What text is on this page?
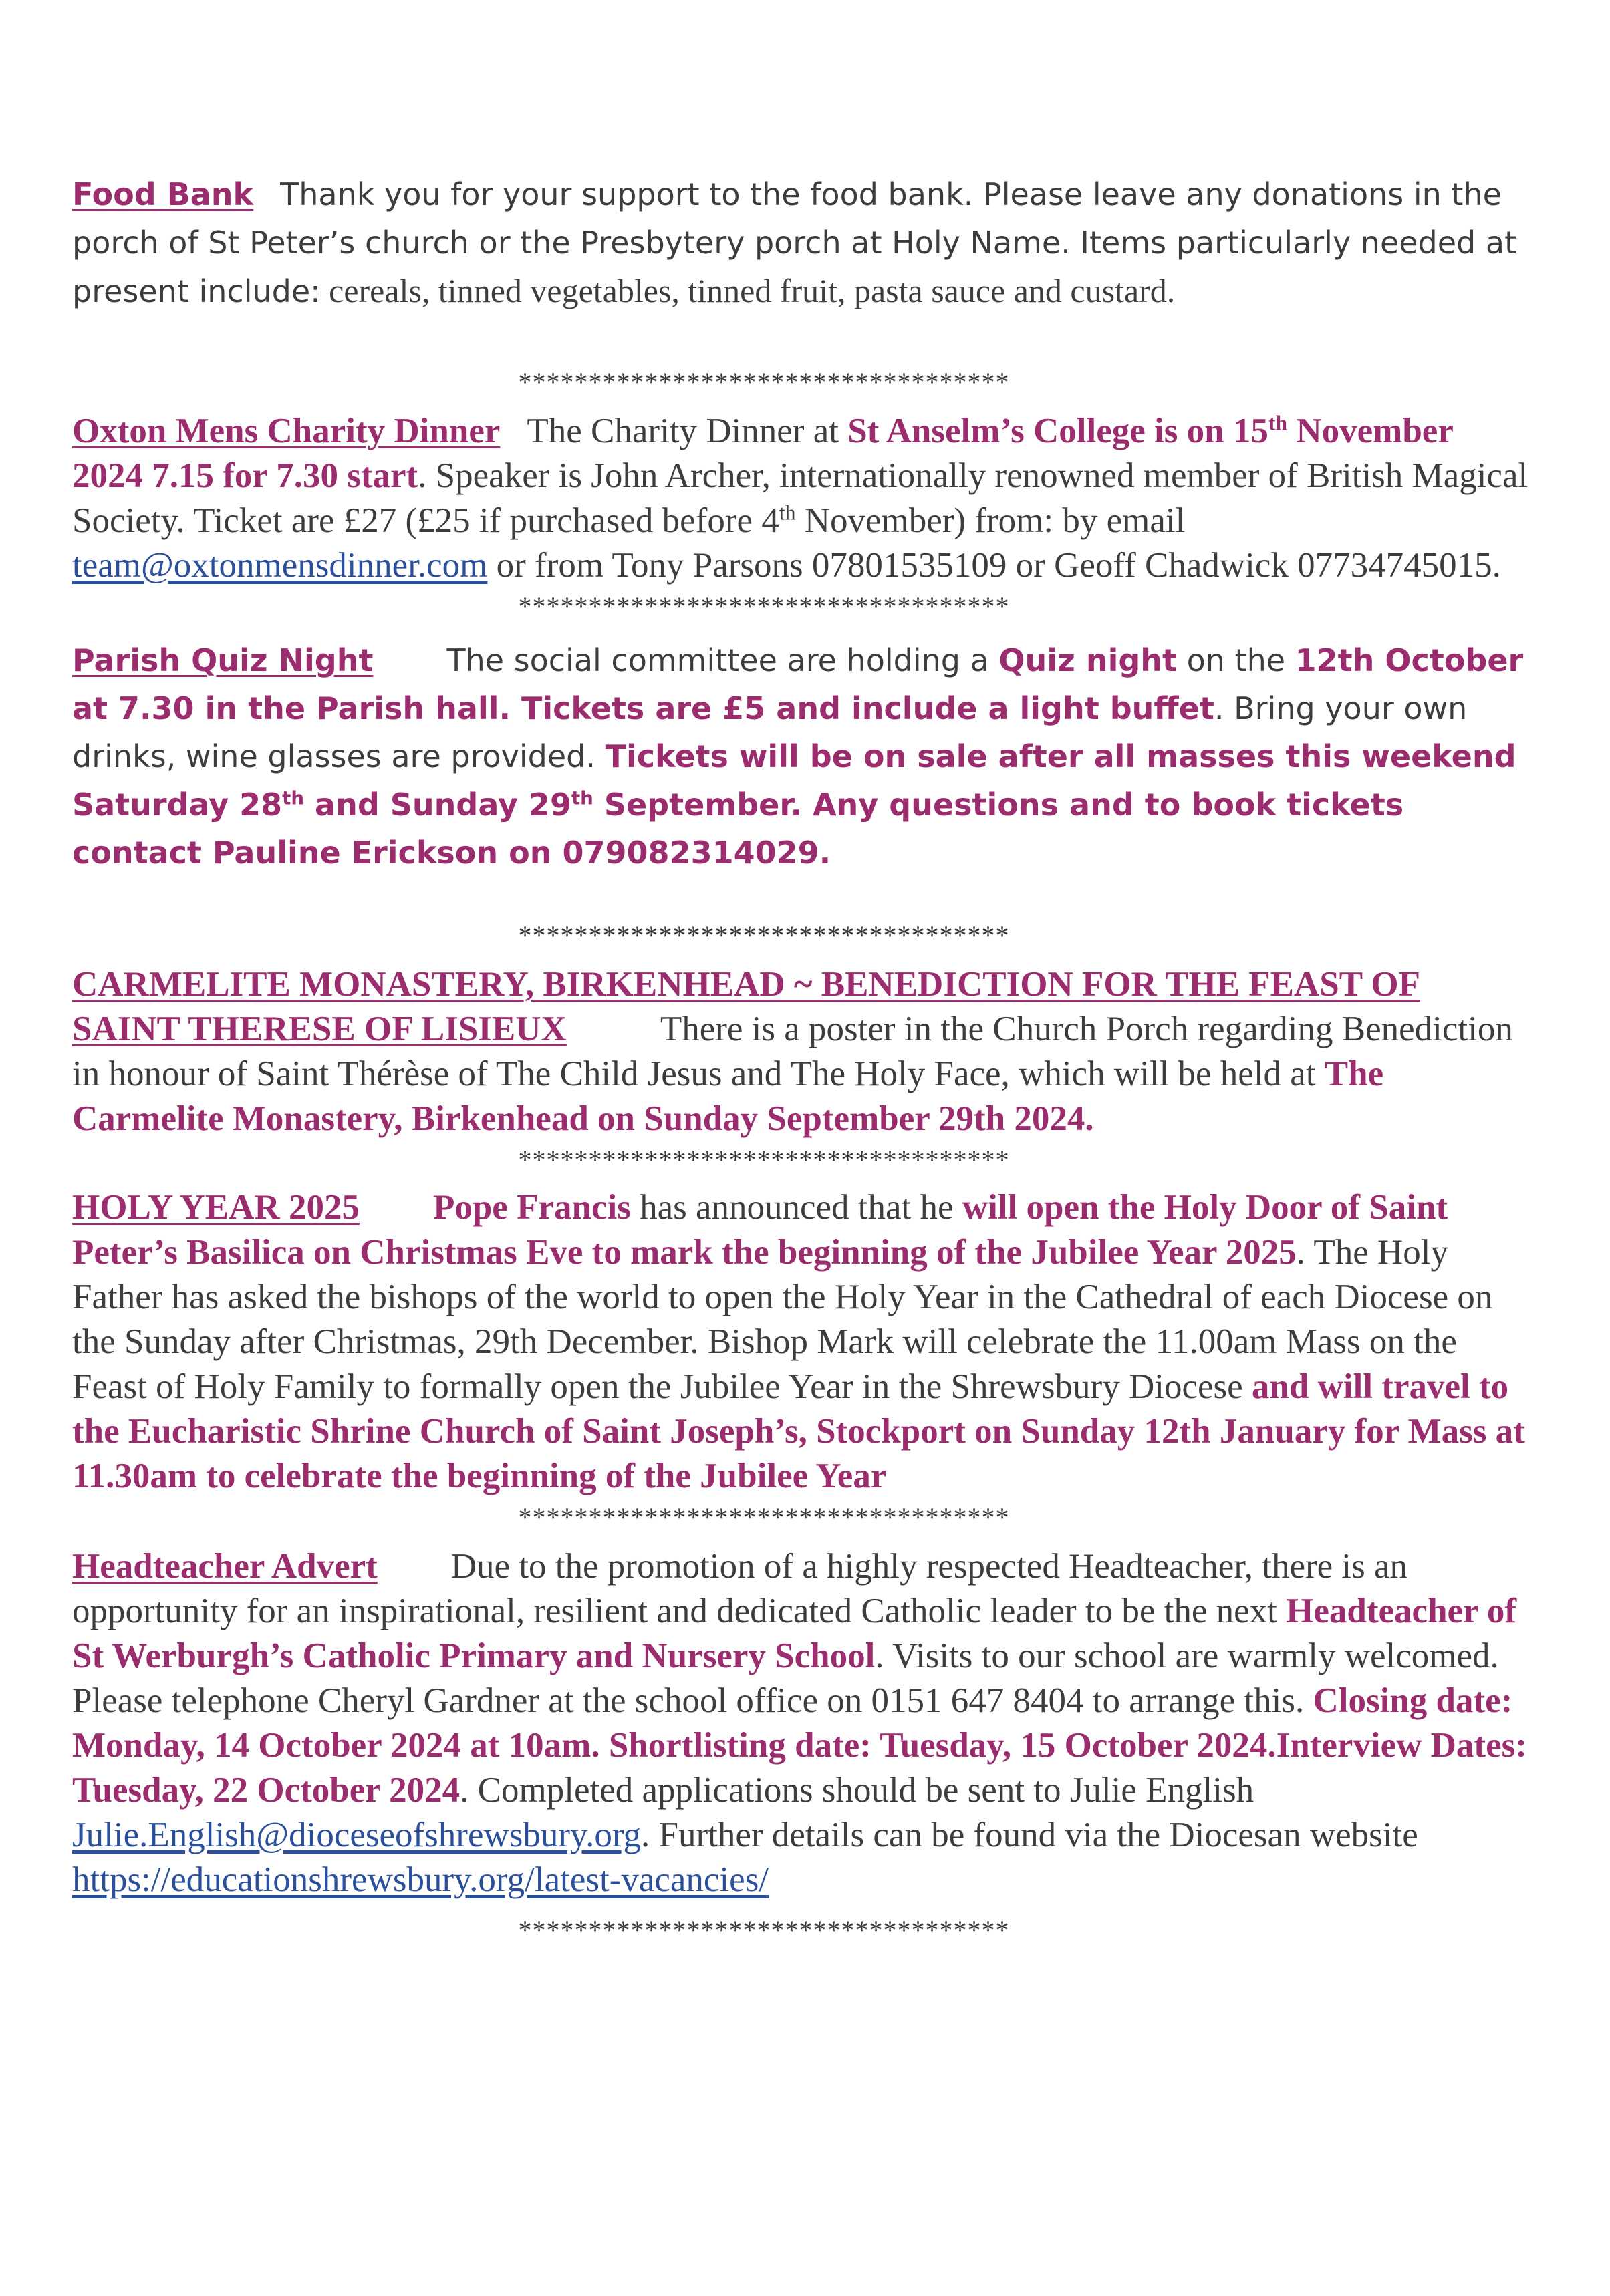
Food Bank Thank you for your support to the food bank. Please leave any donations in the porch of St Peter’s church or the Presbytery porch at Holy Name. Items particularly needed at present include: cereals, tinned vegetables, tinned fruit, pasta sauce and custard.

***********************************

Oxton Mens Charity Dinner The Charity Dinner at St Anselm’s College is on 15th November 2024 7.15 for 7.30 start. Speaker is John Archer, internationally renowned member of British Magical Society. Ticket are £27 (£25 if purchased before 4th November) from: by email team@oxtonmensdinner.com or from Tony Parsons 07801535109 or Geoff Chadwick 07734745015.

***********************************

Parish Quiz Night The social committee are holding a Quiz night on the 12th October at 7.30 in the Parish hall. Tickets are £5 and include a light buffet. Bring your own drinks, wine glasses are provided. Tickets will be on sale after all masses this weekend Saturday 28th and Sunday 29th September. Any questions and to book tickets contact Pauline Erickson on 079082314029.

***********************************

CARMELITE MONASTERY, BIRKENHEAD ~ BENEDICTION FOR THE FEAST OF SAINT THERESE OF LISIEUX	There is a poster in the Church Porch regarding Benediction in honour of Saint Thérèse of The Child Jesus and The Holy Face, which will be held at The Carmelite Monastery, Birkenhead on Sunday September 29th 2024.

***********************************

HOLY YEAR 2025 Pope Francis has announced that he will open the Holy Door of Saint Peter’s Basilica on Christmas Eve to mark the beginning of the Jubilee Year 2025. The Holy Father has asked the bishops of the world to open the Holy Year in the Cathedral of each Diocese on the Sunday after Christmas, 29th December. Bishop Mark will celebrate the 11.00am Mass on the Feast of Holy Family to formally open the Jubilee Year in the Shrewsbury Diocese and will travel to the Eucharistic Shrine Church of Saint Joseph’s, Stockport on Sunday 12th January for Mass at 11.30am to celebrate the beginning of the Jubilee Year

***********************************

Headteacher Advert Due to the promotion of a highly respected Headteacher, there is an opportunity for an inspirational, resilient and dedicated Catholic leader to be the next Headteacher of St Werburgh’s Catholic Primary and Nursery School. Visits to our school are warmly welcomed. Please telephone Cheryl Gardner at the school office on 0151 647 8404 to arrange this. Closing date: Monday, 14 October 2024 at 10am. Shortlisting date: Tuesday, 15 October 2024.Interview Dates: Tuesday, 22 October 2024. Completed applications should be sent to Julie English Julie.English@dioceseofshrewsbury.org. Further details can be found via the Diocesan website https://educationshrewsbury.org/latest-vacancies/

***********************************
